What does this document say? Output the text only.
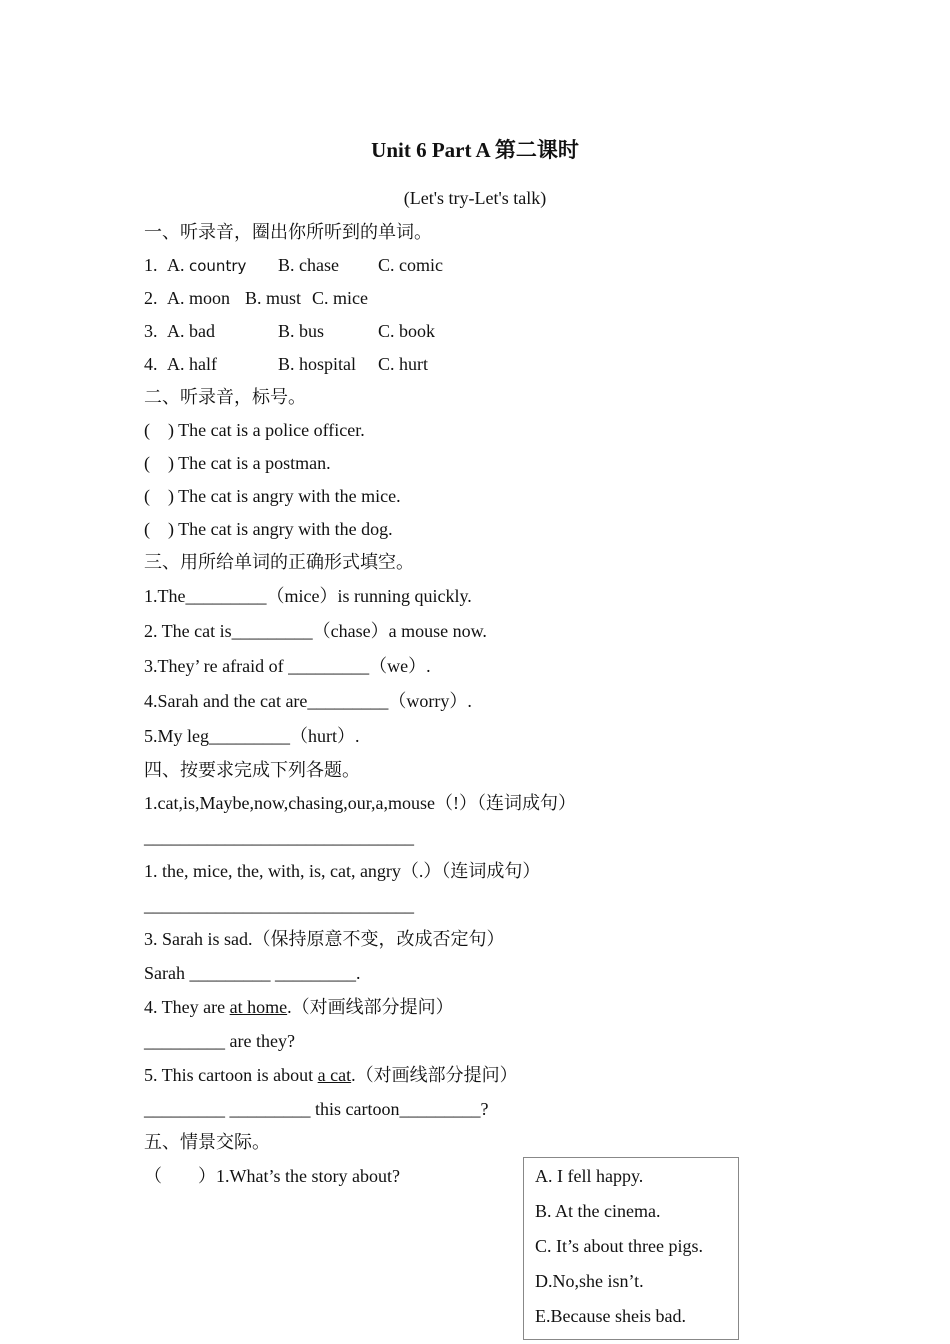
Unit 6 Part A 第二课时
(Let's try-Let's talk)
一、听录音，圈出你所听到的单词。
1. A. country B. chase C. comic
2. A. moon B. must C. mice
3. A. bad	B. bus	C. book
4. A. half	B. hospital C. hurt
二、听录音，标号。
(    ) The cat is a police officer.
(    ) The cat is a postman.
(    ) The cat is angry with the mice.
(    ) The cat is angry with the dog.
三、用所给单词的正确形式填空。
1.The_________（mice）is running quickly.
2. The cat is_________（chase）a mouse now.
3.They’ re afraid of _________（we）.
4.Sarah and the cat are_________（worry）.
5.My leg_________（hurt）.
四、按要求完成下列各题。
1.cat,is,Maybe,now,chasing,our,a,mouse（!）（连词成句）
______________________________
1. the, mice, the, with, is, cat, angry（.）（连词成句）
______________________________
3. Sarah is sad.（保持原意不变，改成否定句）
Sarah _________ _________.
4. They are at home.（对画线部分提问）
_________ are they?
5. This cartoon is about a cat.（对画线部分提问）
_________ _________ this cartoon_________?
五、情景交际。
（        ）1.What’s the story about?	A. I fell happy.
B. At the cinema.
C. It’s about three pigs.
D.No,she isn’t.
E.Because sheis bad.
